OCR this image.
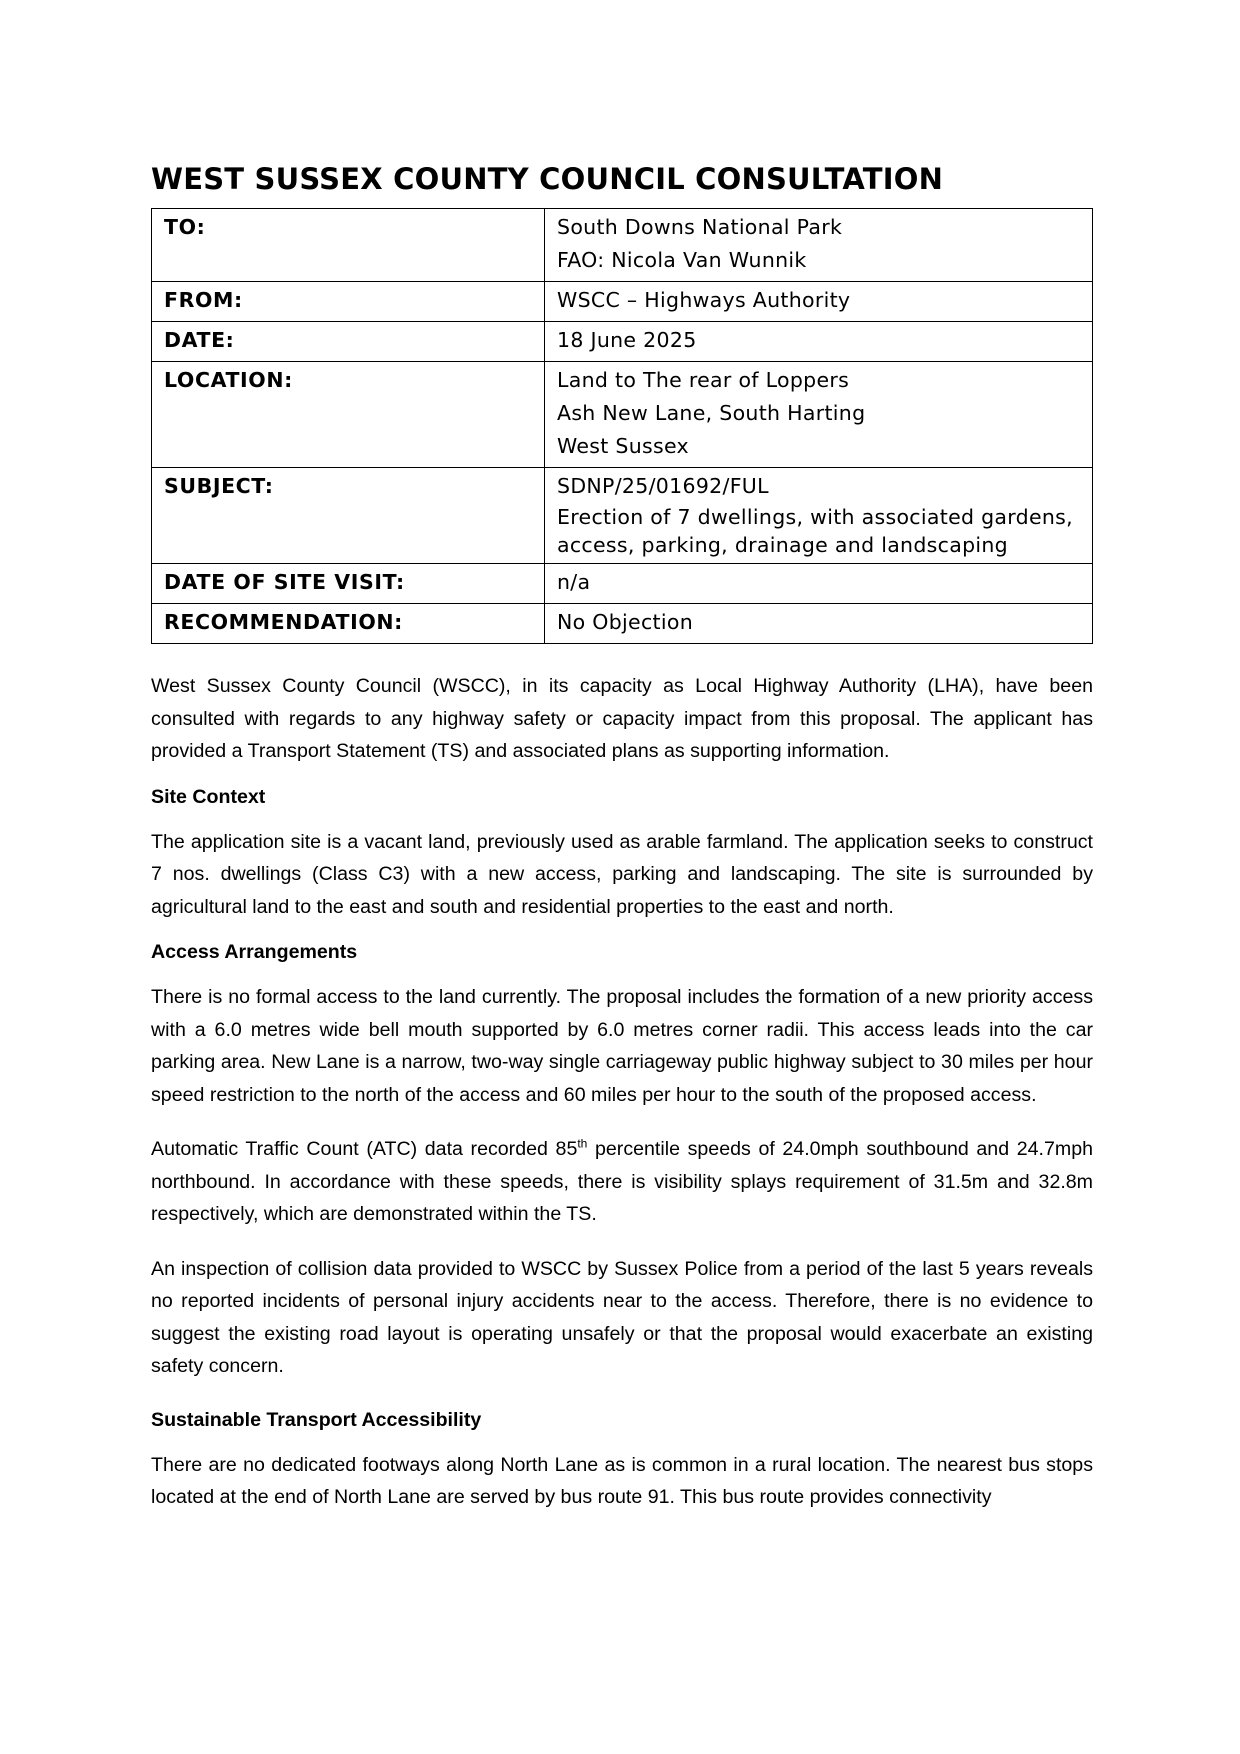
WEST SUSSEX COUNTY COUNCIL CONSULTATION
TO:	South Downs National Park
FAO: Nicola Van Wunnik

FROM:	WSCC – Highways Authority

DATE:	18 June 2025

LOCATION:	Land to The rear of Loppers
Ash New Lane, South Harting
West Sussex

SUBJECT:	SDNP/25/01692/FUL
Erection of 7 dwellings, with associated gardens,
access, parking, drainage and landscaping

DATE OF SITE VISIT:	n/a

RECOMMENDATION:	No Objection

West Sussex County Council (WSCC), in its capacity as Local Highway Authority (LHA), have been consulted with regards to any highway safety or capacity impact from this proposal. The applicant has provided a Transport Statement (TS) and associated plans as supporting information.

Site Context

The application site is a vacant land, previously used as arable farmland. The application seeks to construct 7 nos. dwellings (Class C3) with a new access, parking and landscaping. The site is surrounded by agricultural land to the east and south and residential properties to the east and north.

Access Arrangements

There is no formal access to the land currently. The proposal includes the formation of a new priority access with a 6.0 metres wide bell mouth supported by 6.0 metres corner radii. This access leads into the car parking area. New Lane is a narrow, two-way single carriageway public highway subject to 30 miles per hour speed restriction to the north of the access and 60 miles per hour to the south of the proposed access.

Automatic Traffic Count (ATC) data recorded 85th percentile speeds of 24.0mph southbound and 24.7mph northbound. In accordance with these speeds, there is visibility splays requirement of 31.5m and 32.8m respectively, which are demonstrated within the TS.

An inspection of collision data provided to WSCC by Sussex Police from a period of the last 5 years reveals no reported incidents of personal injury accidents near to the access. Therefore, there is no evidence to suggest the existing road layout is operating unsafely or that the proposal would exacerbate an existing safety concern.

Sustainable Transport Accessibility

There are no dedicated footways along North Lane as is common in a rural location. The nearest bus stops located at the end of North Lane are served by bus route 91. This bus route provides connectivity
